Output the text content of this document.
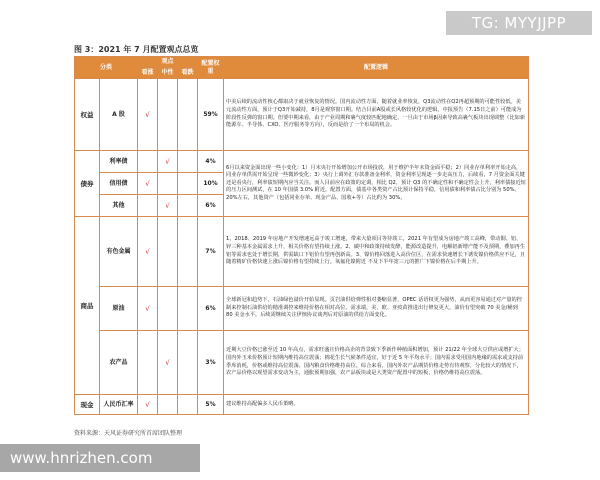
TG: MYYJJPP
图 3：2021 年 7 月配置观点总览
分类		观点			配置权重	配置逻辑
		看涨	中性	看跌		
权益	A 股	√			59%	中美后续的流动性核心都取决于就业恢复的情况。国内流动性方面，随着就业率恢复，Q3流动性在Q2再超预期的可能性较低。美元流动性方面，预计于Q3开始减持，8月是观察窗口期。结合目前A股或长风格较优化的逻辑，中报预告（7.15日之前）可能成为阶段性反弹的窗口期。但要中期来看，由于产业周期和裹气度较匹配地确定，一旦由于市场β因素导致高裹气板块出现调整（比如新能源车、半导体、CXO、医疗服务等方向），反而是给了一个布局的机会。
债券	利率债		√		4%	6月以来资金面出现一些小变化：1）月末央行开始增加公开市场投放，用于维护半年末资金面平稳；2）同业存单利率开始走高，同业存单供需开始呈现一些微妙变化；3）央行上调外汇存款准备金利率，资金利率呈现逐一步走高压力，后续看，7 月资金面关键还是看央行，利率债短期内应当关注。而人目前应在政策的定调，相比 Q2，预计 Q3 的不确定性和不确定性会上升，利率债接近短的压力区间测试，在 10 年国债 3.0% 附近。配置方面，债基中各类资产占比预计保持平稳，信用债和利率债占比分别为 50%、20%左右，其他资产（包括同业存单、现金产品、国收+等）占比约为 30%。
	信用债	√			10%	
	其他		√		6%	
商品	有色金属	√			7%	1、2018、2019 年房地产开发增速远高于竣工增速，带来大量项目等待竣工，2021 年有望成为房地产竣工高峰，带动铜、铝、锌三种基本金属需求上升，相关价格有望持续上涨。2、碳中和政策持续发酵，能源改造提升，电解铝新增产能不及预期，叠加再生铝等需求也处于增长期，供需缺口下铝价有望再创新高。3、镍价格回落进入高价位区，在需求快速增长下诱发镍价格供应不足，且随着精矿价格快速上涨后镍价格有望持续上行。氧氟化镍附近 不及下半年宽三元的推广下镍价格在后半期上升。
	原油	√			6%	全球新冠和趋势下，石油绿色溢价开始显现。页岩油供给弹性相对萎缩显著，OPEC 话语权更为强势，从而更容易通过对产量的控制来控制石油供给的精准调控来维持价格在相对高位。需求端，美、欧、亚疫苗推进出行修复更大，油价有望突破 70 美金/桶到 80 美金水平。后续需继续关注伊核协议谈判后对原油的供给方面变化。
	农产品		√		3%	近期大豆价格已涨至近 10 年高点，需求旺盛且价格高企的背景致下季新作种植面积增加，预计 21/22 年全球大豆供应或增扩大；国内外玉米价格预计短期内维持高位震荡；棉花生长气候条件适宜，好于近 5 年平均水平；国内需求受用国内地缘的需求或支持前季库消耗，价格或维持高位震荡。国内粮食价格维持高位。综合来看，国内外农产品期货价格走势有待观察，分化较大的情况下，农产品价格以观望需求变动为主，通胀预期加强，农产品板块或是大类资产配置中的短板，价格仍维持高位震荡。
现金	人民币汇率	√			5%	建议维持高配偏多人民币策略。
资料来源：天风证券研究所首席团队整理
www.hnrizhen.com
